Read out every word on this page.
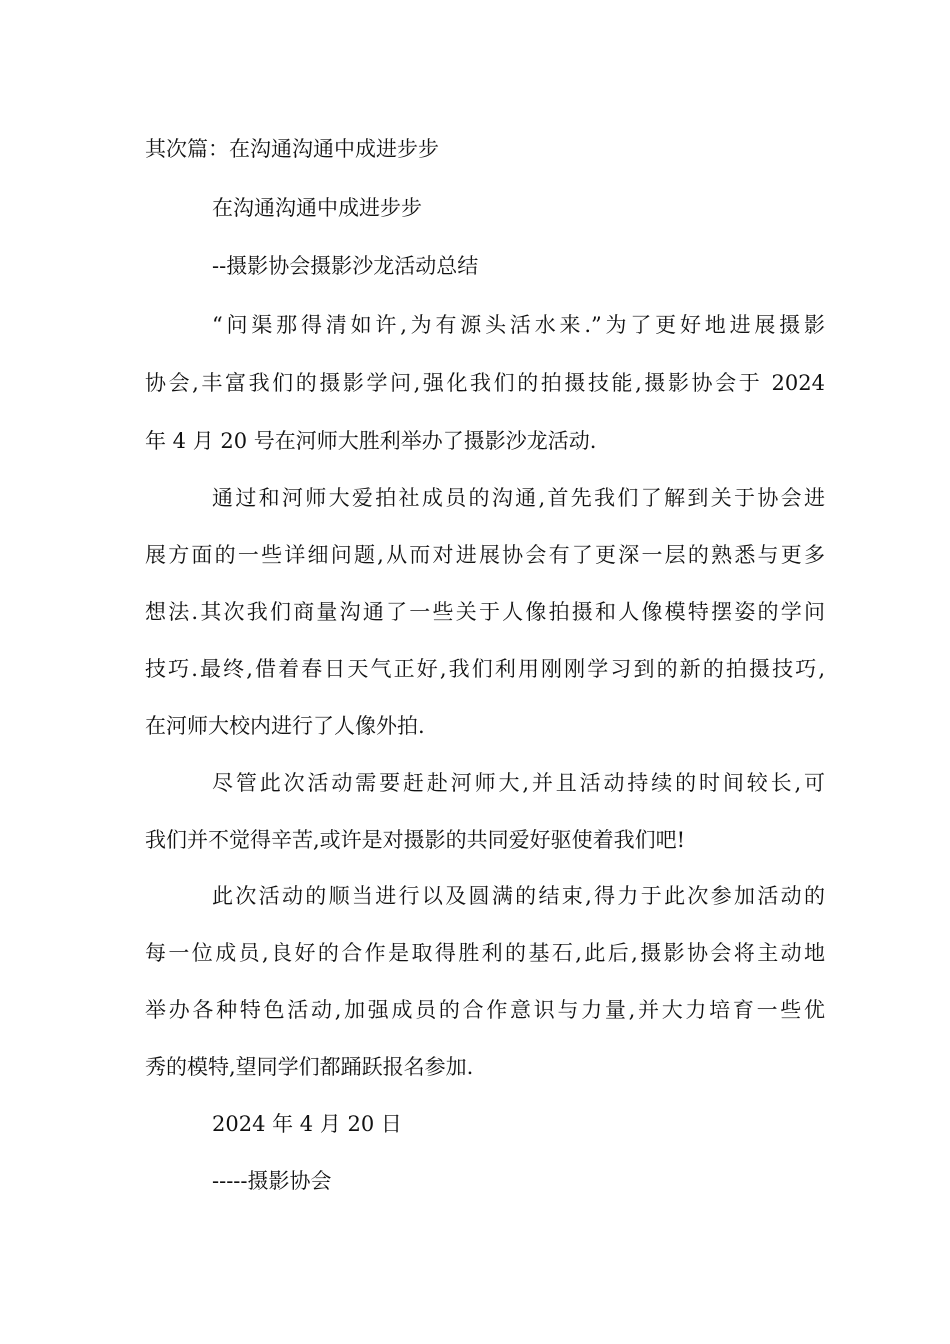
其次篇：在沟通沟通中成进步步
在沟通沟通中成进步步
--摄影协会摄影沙龙活动总结
“问渠那得清如许,为有源头活水来.”为了更好地进展摄影
协会,丰富我们的摄影学问,强化我们的拍摄技能,摄影协会于 2024
年 4 月 20 号在河师大胜利举办了摄影沙龙活动.
通过和河师大爱拍社成员的沟通,首先我们了解到关于协会进
展方面的一些详细问题,从而对进展协会有了更深一层的熟悉与更多
想法.其次我们商量沟通了一些关于人像拍摄和人像模特摆姿的学问
技巧.最终,借着春日天气正好,我们利用刚刚学习到的新的拍摄技巧,
在河师大校内进行了人像外拍.
尽管此次活动需要赶赴河师大,并且活动持续的时间较长,可
我们并不觉得辛苦,或许是对摄影的共同爱好驱使着我们吧!
此次活动的顺当进行以及圆满的结束,得力于此次参加活动的
每一位成员,良好的合作是取得胜利的基石,此后,摄影协会将主动地
举办各种特色活动,加强成员的合作意识与力量,并大力培育一些优
秀的模特,望同学们都踊跃报名参加.
2024 年 4 月 20 日
-----摄影协会
